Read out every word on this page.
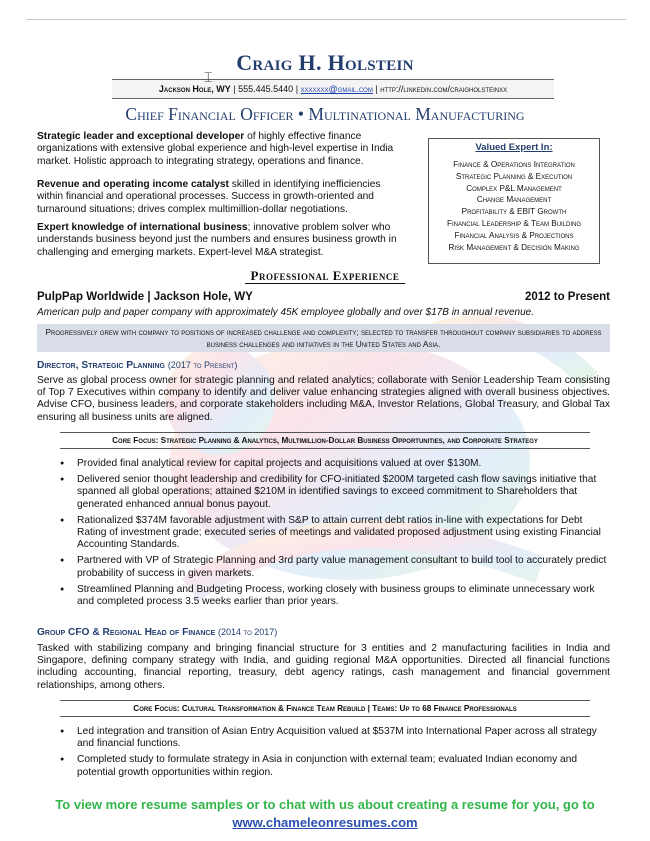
Craig H. Holstein
Jackson Hole, WY | 555.445.5440 | xxxxxxx@gmail.com | http://linkedin.com/craigholsteinxx
⌶
Chief Financial Officer • Multinational Manufacturing

Strategic leader and exceptional developer of highly effective finance organizations with extensive global experience and high-level expertise in India market. Holistic approach to integrating strategy, operations and finance.

Revenue and operating income catalyst skilled in identifying inefficiencies within financial and operational processes. Success in growth-oriented and turnaround situations; drives complex multimillion-dollar negotiations.

Expert knowledge of international business; innovative problem solver who understands business beyond just the numbers and ensures business growth in challenging and emerging markets. Expert-level M&A strategist.

Valued Expert In:
Finance & Operations Integration
Strategic Planning & Execution
Complex P&L Management
Change Management
Profitability & EBIT Growth
Financial Leadership & Team Building
Financial Analysis & Projections
Risk Management & Decision Making
Professional Experience
PulpPap Worldwide | Jackson Hole, WY	2012 to Present
American pulp and paper company with approximately 45K employee globally and over $17B in annual revenue.
Progressively grew with company to positions of increased challenge and complexity; selected to transfer throughout company subsidiaries to address business challenges and initiatives in the United States and Asia.
Director, Strategic Planning (2017 to Present)

Serve as global process owner for strategic planning and related analytics; collaborate with Senior Leadership Team consisting of Top 7 Executives within company to identify and deliver value enhancing strategies aligned with overall business objectives. Advise CFO, business leaders, and corporate stakeholders including M&A, Investor Relations, Global Treasury, and Global Tax ensuring all business units are aligned.

Core Focus: Strategic Planning & Analytics, Multimillion-Dollar Business Opportunities, and Corporate Strategy
● Provided final analytical review for capital projects and acquisitions valued at over $130M.
● Delivered senior thought leadership and credibility for CFO-initiated $200M targeted cash flow savings initiative that spanned all global operations; attained $210M in identified savings to exceed commitment to Shareholders that generated enhanced annual bonus payout.
● Rationalized $374M favorable adjustment with S&P to attain current debt ratios in-line with expectations for Debt Rating of investment grade; executed series of meetings and validated proposed adjustment using existing Financial Accounting Standards.
● Partnered with VP of Strategic Planning and 3rd party value management consultant to build tool to accurately predict probability of success in given markets.
● Streamlined Planning and Budgeting Process, working closely with business groups to eliminate unnecessary work and completed process 3.5 weeks earlier than prior years.
Group CFO & Regional Head of Finance (2014 to 2017)

Tasked with stabilizing company and bringing financial structure for 3 entities and 2 manufacturing facilities in India and Singapore, defining company strategy with India, and guiding regional M&A opportunities. Directed all financial functions including accounting, financial reporting, treasury, debt agency ratings, cash management and financial government relationships, among others.

Core Focus: Cultural Transformation & Finance Team Rebuild | Teams: Up to 68 Finance Professionals
● Led integration and transition of Asian Entry Acquisition valued at $537M into International Paper across all strategy and financial functions.
● Completed study to formulate strategy in Asia in conjunction with external team; evaluated Indian economy and potential growth opportunities within region.
To view more resume samples or to chat with us about creating a resume for you, go to
www.chameleonresumes.com
